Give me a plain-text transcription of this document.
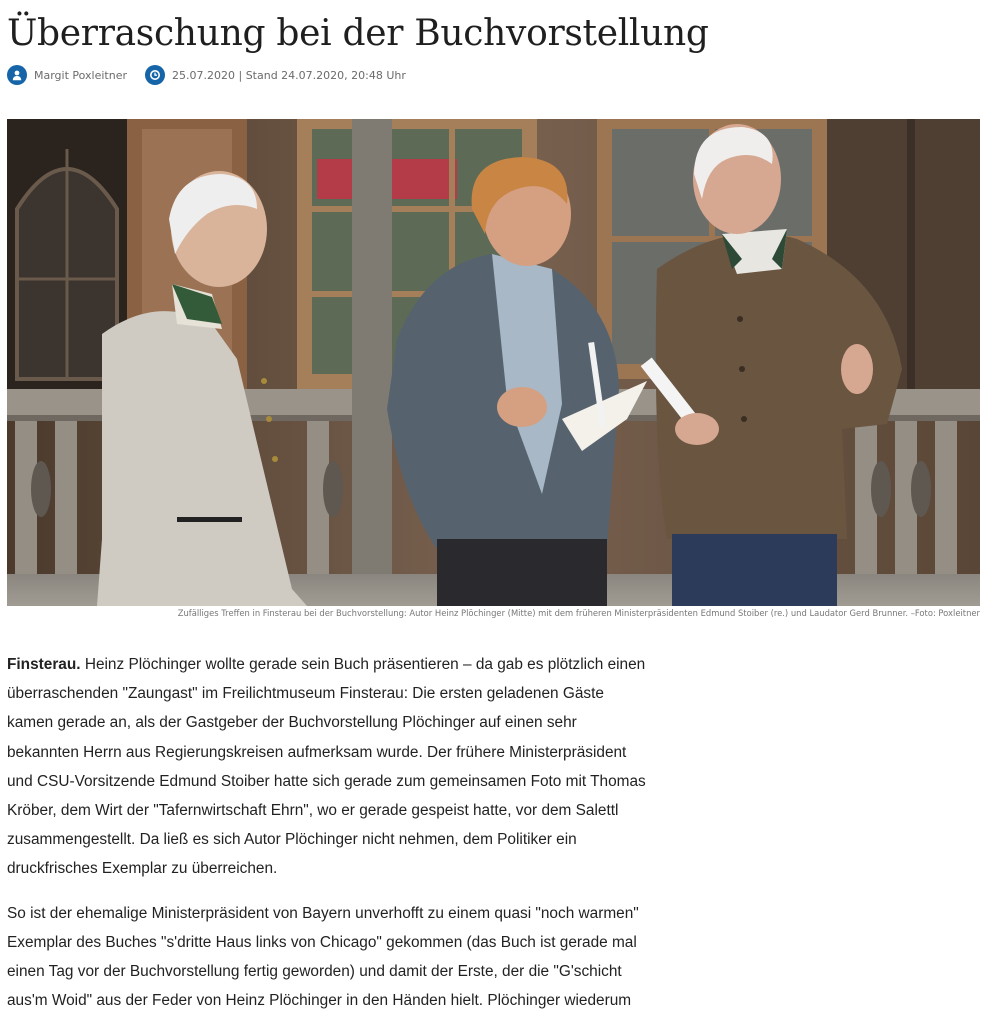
Überraschung bei der Buchvorstellung
Margit Poxleitner	25.07.2020 | Stand 24.07.2020, 20:48 Uhr
Zufälliges Treffen in Finsterau bei der Buchvorstellung: Autor Heinz Plöchinger (Mitte) mit dem früheren Ministerpräsidenten Edmund Stoiber (re.) und Laudator Gerd Brunner. –Foto: Poxleitner

Finsterau. Heinz Plöchinger wollte gerade sein Buch präsentieren – da gab es plötzlich einen überraschenden "Zaungast" im Freilichtmuseum Finsterau: Die ersten geladenen Gäste kamen gerade an, als der Gastgeber der Buchvorstellung Plöchinger auf einen sehr bekannten Herrn aus Regierungskreisen aufmerksam wurde. Der frühere Ministerpräsident und CSU-Vorsitzende Edmund Stoiber hatte sich gerade zum gemeinsamen Foto mit Thomas Kröber, dem Wirt der "Tafernwirtschaft Ehrn", wo er gerade gespeist hatte, vor dem Salettl zusammengestellt. Da ließ es sich Autor Plöchinger nicht nehmen, dem Politiker ein druckfrisches Exemplar zu überreichen.

So ist der ehemalige Ministerpräsident von Bayern unverhofft zu einem quasi "noch warmen" Exemplar des Buches "s'dritte Haus links von Chicago" gekommen (das Buch ist gerade mal einen Tag vor der Buchvorstellung fertig geworden) und damit der Erste, der die "G'schicht aus'm Woid" aus der Feder von Heinz Plöchinger in den Händen hielt. Plöchinger wiederum
